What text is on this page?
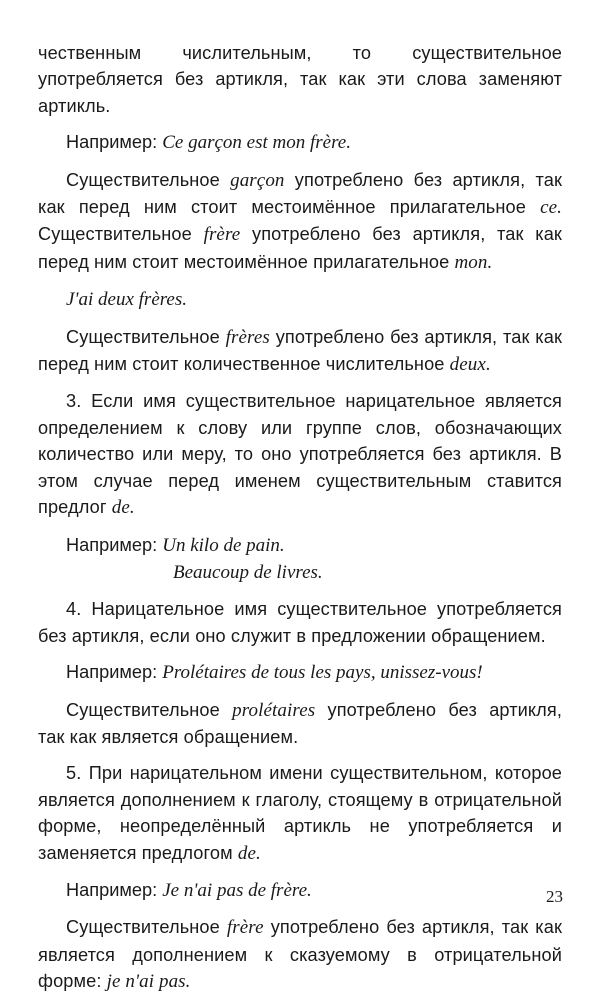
чественным числительным, то существительное употребляется без артикля, так как эти слова заменяют артикль.

Например: Ce garçon est mon frère.

Существительное garçon употреблено без артикля, так как перед ним стоит местоимённое прилагательное ce. Существительное frère употреблено без артикля, так как перед ним стоит местоимённое прилагательное mon.

J'ai deux frères.

Существительное frères употреблено без артикля, так как перед ним стоит количественное числительное deux.

3. Если имя существительное нарицательное является определением к слову или группе слов, обозначающих количество или меру, то оно употребляется без артикля. В этом случае перед именем существительным ставится предлог de.

Например: Un kilo de pain.

Beaucoup de livres.

4. Нарицательное имя существительное употребляется без артикля, если оно служит в предложении обращением.

Например: Prolétaires de tous les pays, unissez-vous!

Существительное prolétaires употреблено без артикля, так как является обращением.

5. При нарицательном имени существительном, которое является дополнением к глаголу, стоящему в отрицательной форме, неопределённый артикль не употребляется и заменяется предлогом de.

Например: Je n'ai pas de frère.

Существительное frère употреблено без артикля, так как является дополнением к сказуемому в отрицательной форме: je n'ai pas.

23
